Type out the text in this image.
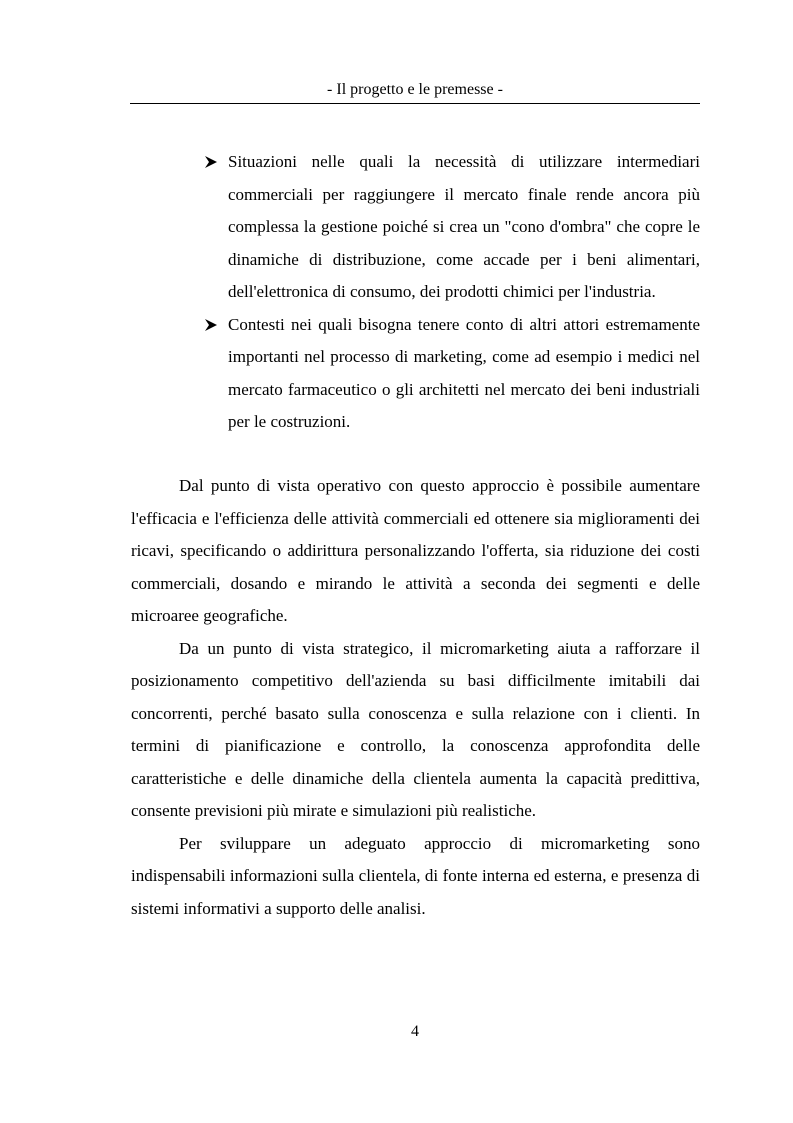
- Il progetto e le premesse -
Situazioni nelle quali la necessità di utilizzare intermediari commerciali per raggiungere il mercato finale rende ancora più complessa la gestione poiché si crea un "cono d'ombra" che copre le dinamiche di distribuzione, come accade per i beni alimentari, dell'elettronica di consumo, dei prodotti chimici per l'industria.
Contesti nei quali bisogna tenere conto di altri attori estremamente importanti nel processo di marketing, come ad esempio i medici nel mercato farmaceutico o gli architetti nel mercato dei beni industriali per le costruzioni.

Dal punto di vista operativo con questo approccio è possibile aumentare l'efficacia e l'efficienza delle attività commerciali ed ottenere sia miglioramenti dei ricavi, specificando o addirittura personalizzando l'offerta, sia riduzione dei costi commerciali, dosando e mirando le attività a seconda dei segmenti e delle microaree geografiche.

Da un punto di vista strategico, il micromarketing aiuta a rafforzare il posizionamento competitivo dell'azienda su basi difficilmente imitabili dai concorrenti, perché basato sulla conoscenza e sulla relazione con i clienti. In termini di pianificazione e controllo, la conoscenza approfondita delle caratteristiche e delle dinamiche della clientela aumenta la capacità predittiva, consente previsioni più mirate e simulazioni più realistiche.

Per sviluppare un adeguato approccio di micromarketing sono indispensabili informazioni sulla clientela, di fonte interna ed esterna, e presenza di sistemi informativi a supporto delle analisi.

4
